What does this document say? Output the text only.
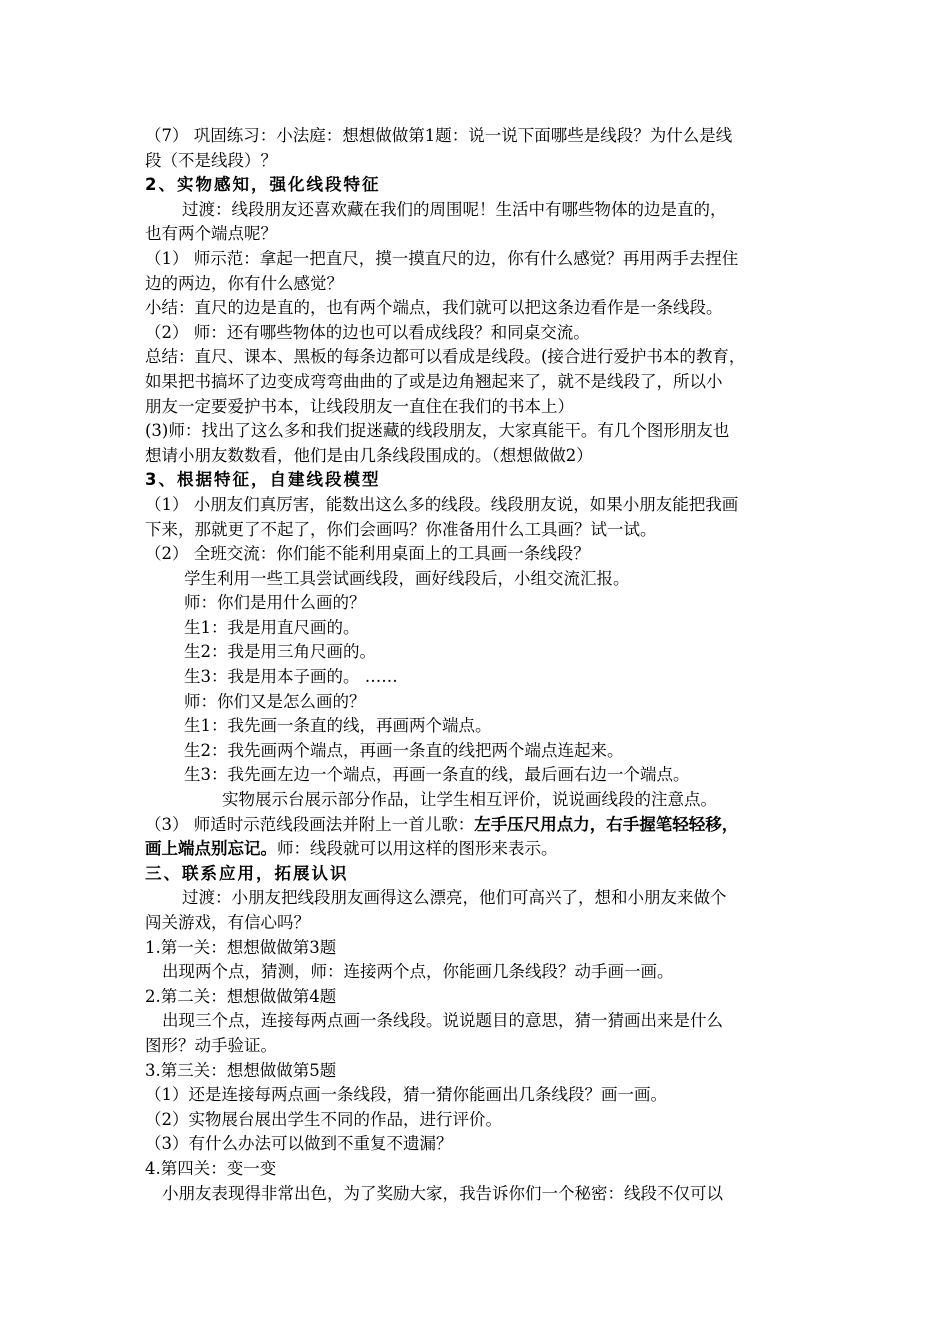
（7） 巩固练习：小法庭：想想做做第1题：说一说下面哪些是线段？为什么是线
段（不是线段）？
2、实物感知，强化线段特征
过渡：线段朋友还喜欢藏在我们的周围呢！生活中有哪些物体的边是直的，
也有两个端点呢？
（1） 师示范：拿起一把直尺，摸一摸直尺的边，你有什么感觉？再用两手去捏住
边的两边，你有什么感觉？
小结：直尺的边是直的，也有两个端点，我们就可以把这条边看作是一条线段。
（2） 师：还有哪些物体的边也可以看成线段？和同桌交流。
总结：直尺、课本、黑板的每条边都可以看成是线段。(接合进行爱护书本的教育，
如果把书搞坏了边变成弯弯曲曲的了或是边角翘起来了，就不是线段了，所以小
朋友一定要爱护书本，让线段朋友一直住在我们的书本上）
(3)师：找出了这么多和我们捉迷藏的线段朋友，大家真能干。有几个图形朋友也
想请小朋友数数看，他们是由几条线段围成的。（想想做做2）
3、根据特征，自建线段模型
（1） 小朋友们真厉害，能数出这么多的线段。线段朋友说，如果小朋友能把我画
下来，那就更了不起了，你们会画吗？你准备用什么工具画？试一试。
（2） 全班交流：你们能不能利用桌面上的工具画一条线段？
学生利用一些工具尝试画线段，画好线段后，小组交流汇报。
师：你们是用什么画的？
生1：我是用直尺画的。
生2：我是用三角尺画的。
生3：我是用本子画的。 ……
师：你们又是怎么画的？
生1：我先画一条直的线，再画两个端点。
生2：我先画两个端点，再画一条直的线把两个端点连起来。
生3：我先画左边一个端点，再画一条直的线，最后画右边一个端点。
实物展示台展示部分作品，让学生相互评价，说说画线段的注意点。
（3） 师适时示范线段画法并附上一首儿歌：左手压尺用点力，右手握笔轻轻移，
画上端点别忘记。师：线段就可以用这样的图形来表示。
三、联系应用，拓展认识
过渡：小朋友把线段朋友画得这么漂亮，他们可高兴了，想和小朋友来做个
闯关游戏，有信心吗？
1.第一关：想想做做第3题
出现两个点，猜测，师：连接两个点，你能画几条线段？动手画一画。
2.第二关：想想做做第4题
出现三个点，连接每两点画一条线段。说说题目的意思，猜一猜画出来是什么
图形？动手验证。
3.第三关：想想做做第5题
（1）还是连接每两点画一条线段，猜一猜你能画出几条线段？画一画。
（2）实物展台展出学生不同的作品，进行评价。
（3）有什么办法可以做到不重复不遗漏？
4.第四关：变一变
小朋友表现得非常出色，为了奖励大家，我告诉你们一个秘密：线段不仅可以
